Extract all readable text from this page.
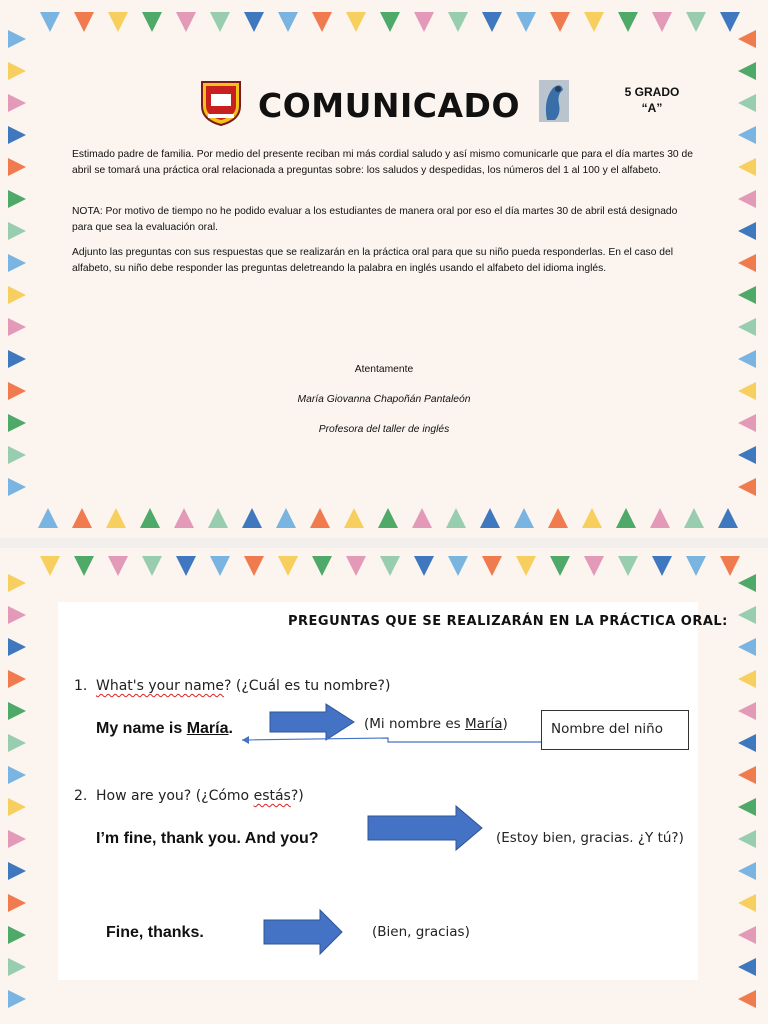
COMUNICADO	5 GRADO
“A”

Estimado padre de familia. Por medio del presente reciban mi más cordial saludo y así mismo comunicarle que para el día martes 30 de abril se tomará una práctica oral relacionada a preguntas sobre: los saludos y despedidas, los números del 1 al 100 y el alfabeto.

NOTA: Por motivo de tiempo no he podido evaluar a los estudiantes de manera oral por eso el día martes 30 de abril está designado para que sea la evaluación oral.

Adjunto las preguntas con sus respuestas que se realizarán en la práctica oral para que su niño pueda responderlas. En el caso del alfabeto, su niño debe responder las preguntas deletreando la palabra en inglés usando el alfabeto del idioma inglés.

Atentamente
María Giovanna Chapoñán Pantaleón
Profesora del taller de inglés
PREGUNTAS QUE SE REALIZARÁN EN LA PRÁCTICA ORAL:
1. What's your name? (¿Cuál es tu nombre?)
My name is María.	(Mi nombre es María)	Nombre del niño
2. How are you? (¿Cómo estás?)
I’m fine, thank you. And you?	(Estoy bien, gracias. ¿Y tú?)
Fine, thanks.	(Bien, gracias)
